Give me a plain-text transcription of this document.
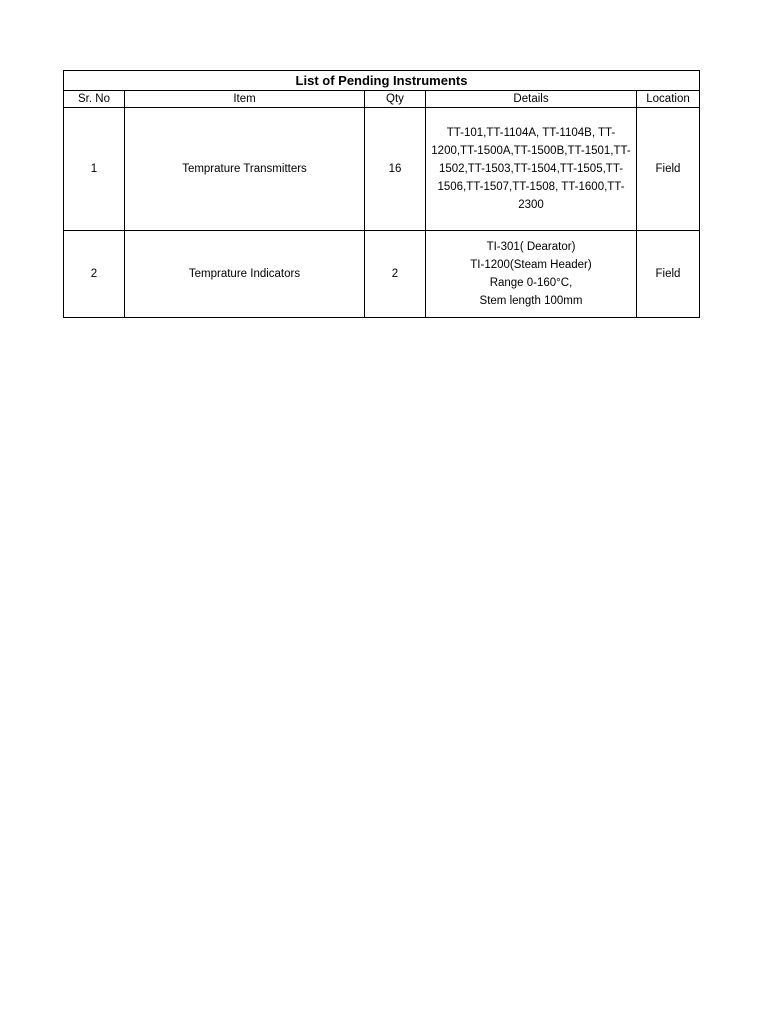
List of Pending Instruments				
Sr. No	Item	Qty	Details	Location
1	Temprature Transmitters	16	TT-101,TT-1104A, TT-1104B, TT-
1200,TT-1500A,TT-1500B,TT-1501,TT-
1502,TT-1503,TT-1504,TT-1505,TT-
1506,TT-1507,TT-1508, TT-1600,TT-
2300	Field
2	Temprature Indicators	2	TI-301( Dearator)
TI-1200(Steam Header)
Range 0-160°C,
Stem length 100mm	Field
